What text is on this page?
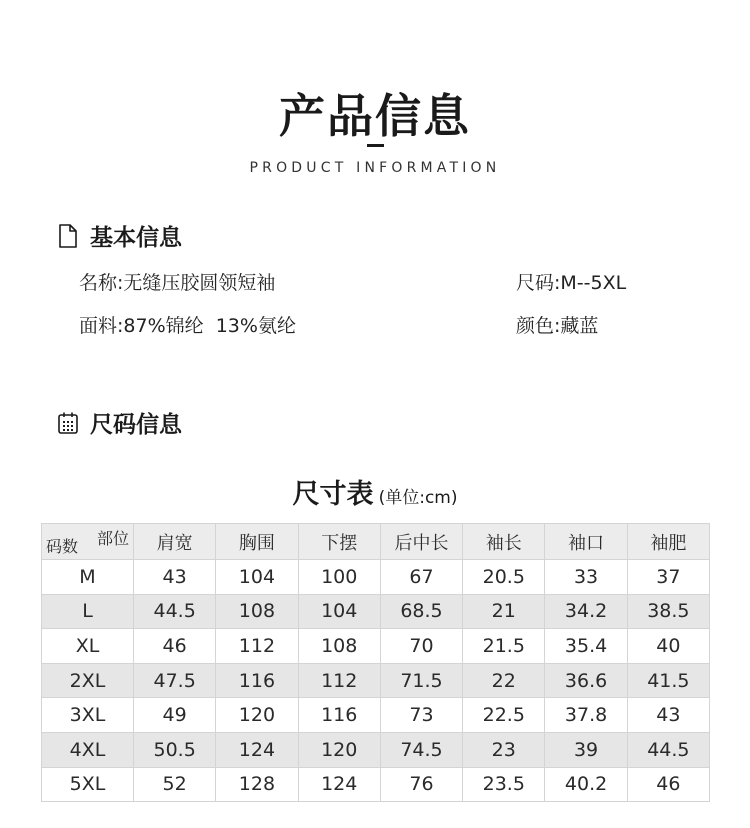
产品信息
PRODUCT INFORMATION
基本信息
名称:无缝压胶圆领短袖	尺码:M--5XL
面料:87%锦纶  13%氨纶	颜色:藏蓝
尺码信息
尺寸表 (单位:cm)
部位
码数	肩宽	胸围	下摆	后中长	袖长	袖口	袖肥
M	43	104	100	67	20.5	33	37
L	44.5	108	104	68.5	21	34.2	38.5
XL	46	112	108	70	21.5	35.4	40
2XL	47.5	116	112	71.5	22	36.6	41.5
3XL	49	120	116	73	22.5	37.8	43
4XL	50.5	124	120	74.5	23	39	44.5
5XL	52	128	124	76	23.5	40.2	46
